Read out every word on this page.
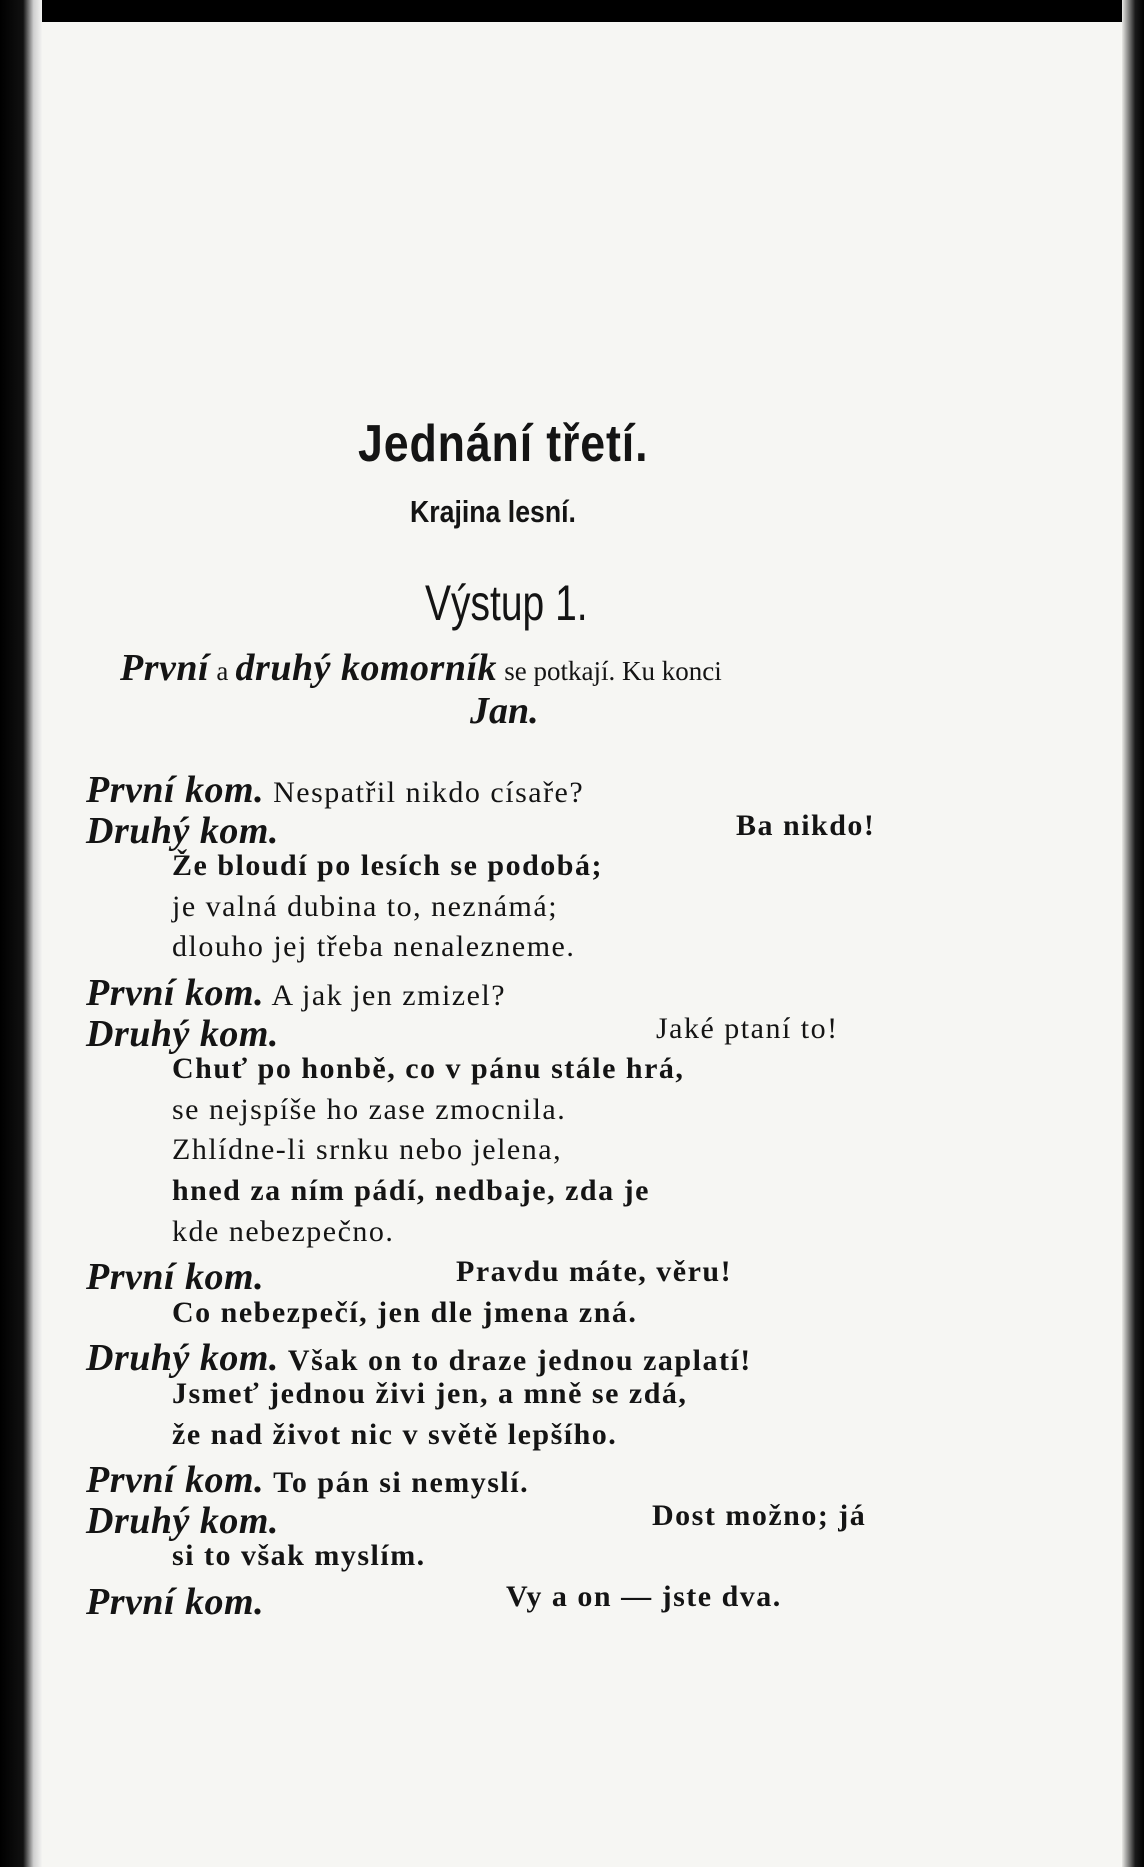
Jednání třetí.
Krajina lesní.
Výstup 1.
První a druhý komorník se potkají. Ku konci
Jan.
První kom. Nespatřil nikdo císaře?
Druhý kom.	Ba nikdo!
Že bloudí po lesích se podobá;
je valná dubina to, neznámá;
dlouho jej třeba nenalezneme.
První kom. A jak jen zmizel?
Druhý kom.	Jaké ptaní to!
Chuť po honbě, co v pánu stále hrá,
se nejspíše ho zase zmocnila.
Zhlídne-li srnku nebo jelena,
hned za ním pádí, nedbaje, zda je
kde nebezpečno.
První kom.	Pravdu máte, věru!
Co nebezpečí, jen dle jmena zná.
Druhý kom. Však on to draze jednou zaplatí!
Jsmeť jednou živi jen, a mně se zdá,
že nad život nic v světě lepšího.
První kom. To pán si nemyslí.
Druhý kom.	Dost možno; já
si to však myslím.
První kom.	Vy a on — jste dva.
